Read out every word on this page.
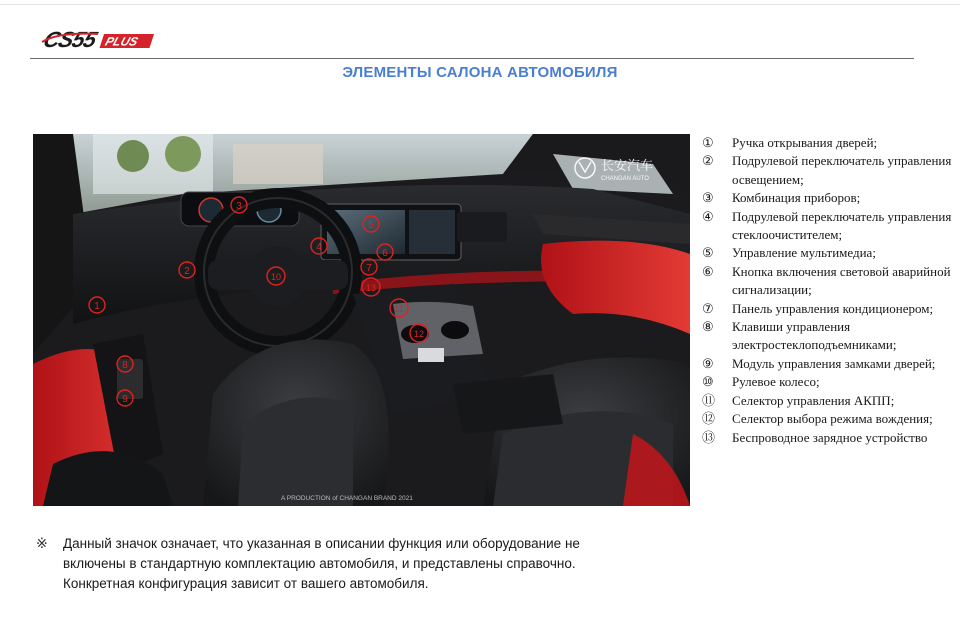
CS55 PLUS
ЭЛЕМЕНТЫ САЛОНА АВТОМОБИЛЯ
长安汽车
CHANGAN AUTO
A PRODUCTION of CHANGAN BRAND 2021
1
2
3
4
5
6
7
8
9
10
11
12
13
①	Ручка открывания дверей;
②	Подрулевой переключатель управления освещением;
③	Комбинация приборов;
④	Подрулевой переключатель управления стеклоочистителем;
⑤	Управление мультимедиа;
⑥	Кнопка включения световой аварийной сигнализации;
⑦	Панель управления кондиционером;
⑧	Клавиши управления электростеклоподъемниками;
⑨	Модуль управления замками дверей;
⑩	Рулевое колесо;
⑪	Селектор управления АКПП;
⑫	Селектор выбора режима вождения;
⑬	Беспроводное зарядное устройство
※ Данный значок означает, что указанная в описании функция или оборудование не

включены в стандартную комплектацию автомобиля, и представлены справочно.

Конкретная конфигурация зависит от вашего автомобиля.
